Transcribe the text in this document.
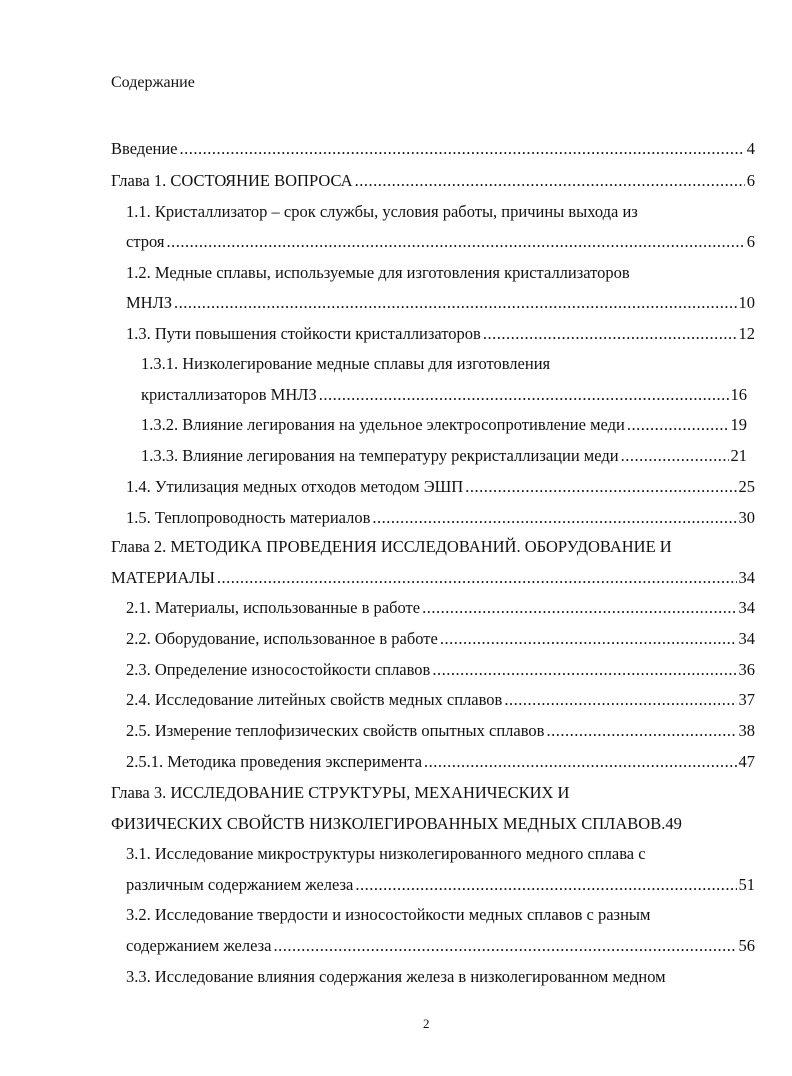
Содержание
Введение .....	4
Глава 1. СОСТОЯНИЕ ВОПРОСА .....	6
1.1. Кристаллизатор – срок службы, условия работы, причины выхода из
строя .....	6
1.2. Медные сплавы, используемые для изготовления кристаллизаторов
МНЛЗ .....	10
1.3. Пути повышения стойкости кристаллизаторов .....	12
1.3.1. Низколегирование медные сплавы для изготовления
кристаллизаторов МНЛЗ .....	16
1.3.2. Влияние легирования на удельное электросопротивление меди .....	19
1.3.3. Влияние легирования на температуру рекристаллизации меди .....	21
1.4. Утилизация медных отходов методом ЭШП .....	25
1.5. Теплопроводность материалов .....	30
Глава 2. МЕТОДИКА ПРОВЕДЕНИЯ ИССЛЕДОВАНИЙ. ОБОРУДОВАНИЕ И
МАТЕРИАЛЫ .....	34
2.1. Материалы, использованные в работе .....	34
2.2. Оборудование, использованное в работе .....	34
2.3. Определение износостойкости сплавов .....	36
2.4. Исследование литейных свойств медных сплавов .....	37
2.5. Измерение теплофизических свойств опытных сплавов .....	38
2.5.1. Методика проведения эксперимента .....	47
Глава 3. ИССЛЕДОВАНИЕ СТРУКТУРЫ, МЕХАНИЧЕСКИХ И
ФИЗИЧЕСКИХ СВОЙСТВ НИЗКОЛЕГИРОВАННЫХ МЕДНЫХ СПЛАВОВ.49
3.1. Исследование микроструктуры низколегированного медного сплава с
различным содержанием железа .....	51
3.2. Исследование твердости и износостойкости медных сплавов с разным
содержанием железа .....	56
3.3. Исследование влияния содержания железа в низколегированном медном
2
